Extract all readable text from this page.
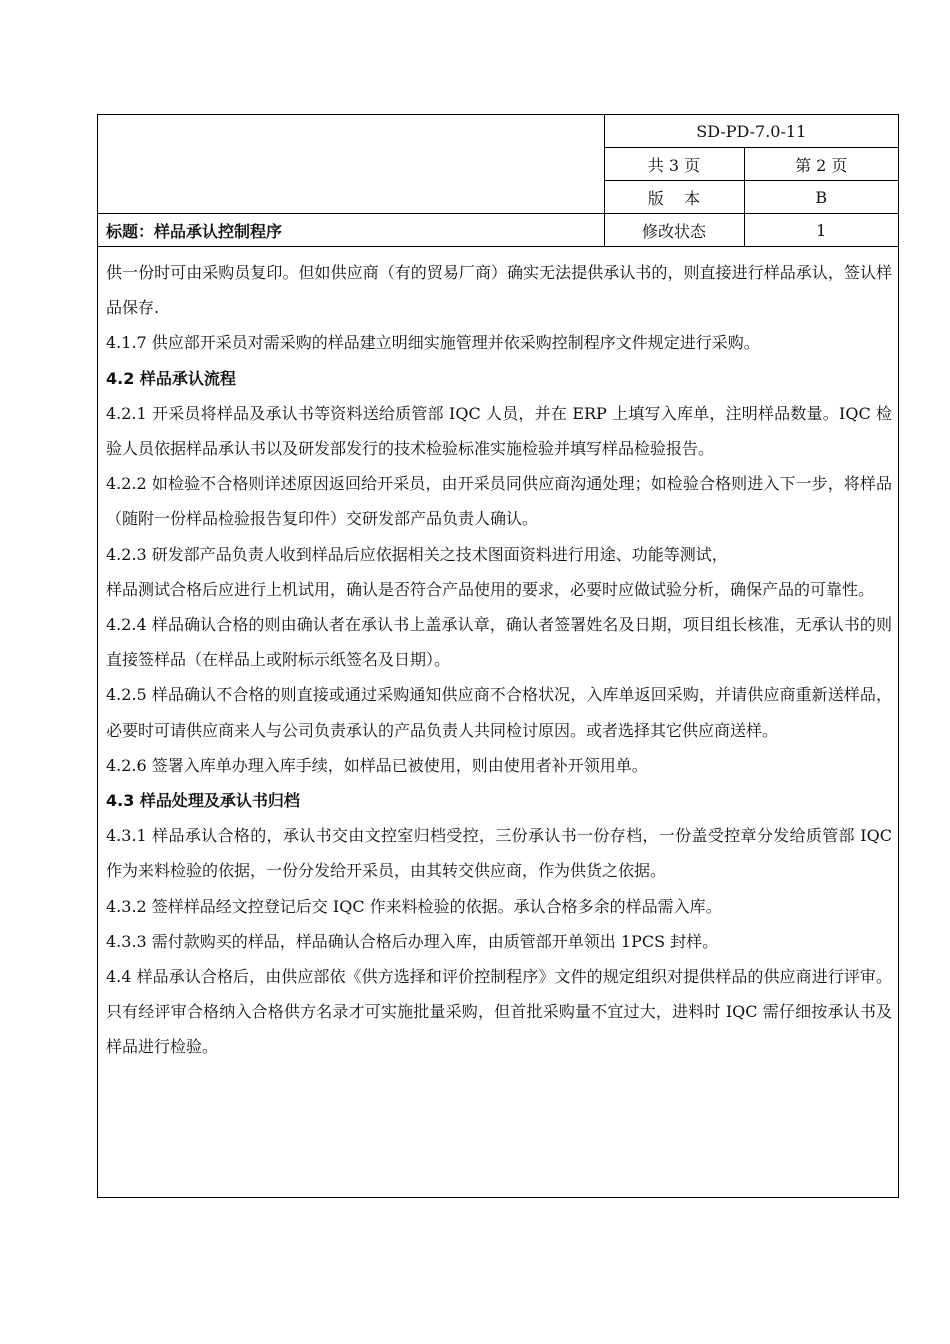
	SD-PD-7.0-11	
	共 3 页	第 2 页
	版    本	B
标题：样品承认控制程序	修改状态	1

供一份时可由采购员复印。但如供应商（有的贸易厂商）确实无法提供承认书的，则直接进行样品承认，签认样品保存.

4.1.7 供应部开采员对需采购的样品建立明细实施管理并依采购控制程序文件规定进行采购。

4.2 样品承认流程

4.2.1 开采员将样品及承认书等资料送给质管部 IQC 人员，并在 ERP 上填写入库单，注明样品数量。IQC 检验人员依据样品承认书以及研发部发行的技术检验标准实施检验并填写样品检验报告。

4.2.2 如检验不合格则详述原因返回给开采员，由开采员同供应商沟通处理；如检验合格则进入下一步，将样品（随附一份样品检验报告复印件）交研发部产品负责人确认。

4.2.3 研发部产品负责人收到样品后应依据相关之技术图面资料进行用途、功能等测试，

样品测试合格后应进行上机试用，确认是否符合产品使用的要求，必要时应做试验分析，确保产品的可靠性。

4.2.4 样品确认合格的则由确认者在承认书上盖承认章，确认者签署姓名及日期，项目组长核准，无承认书的则直接签样品（在样品上或附标示纸签名及日期）。

4.2.5 样品确认不合格的则直接或通过采购通知供应商不合格状况，入库单返回采购，并请供应商重新送样品，必要时可请供应商来人与公司负责承认的产品负责人共同检讨原因。或者选择其它供应商送样。

4.2.6 签署入库单办理入库手续，如样品已被使用，则由使用者补开领用单。

4.3 样品处理及承认书归档

4.3.1 样品承认合格的，承认书交由文控室归档受控，三份承认书一份存档，一份盖受控章分发给质管部 IQC 作为来料检验的依据，一份分发给开采员，由其转交供应商，作为供货之依据。

4.3.2 签样样品经文控登记后交 IQC 作来料检验的依据。承认合格多余的样品需入库。

4.3.3 需付款购买的样品，样品确认合格后办理入库，由质管部开单领出 1PCS 封样。

4.4 样品承认合格后，由供应部依《供方选择和评价控制程序》文件的规定组织对提供样品的供应商进行评审。只有经评审合格纳入合格供方名录才可实施批量采购，但首批采购量不宜过大，进料时 IQC 需仔细按承认书及样品进行检验。
